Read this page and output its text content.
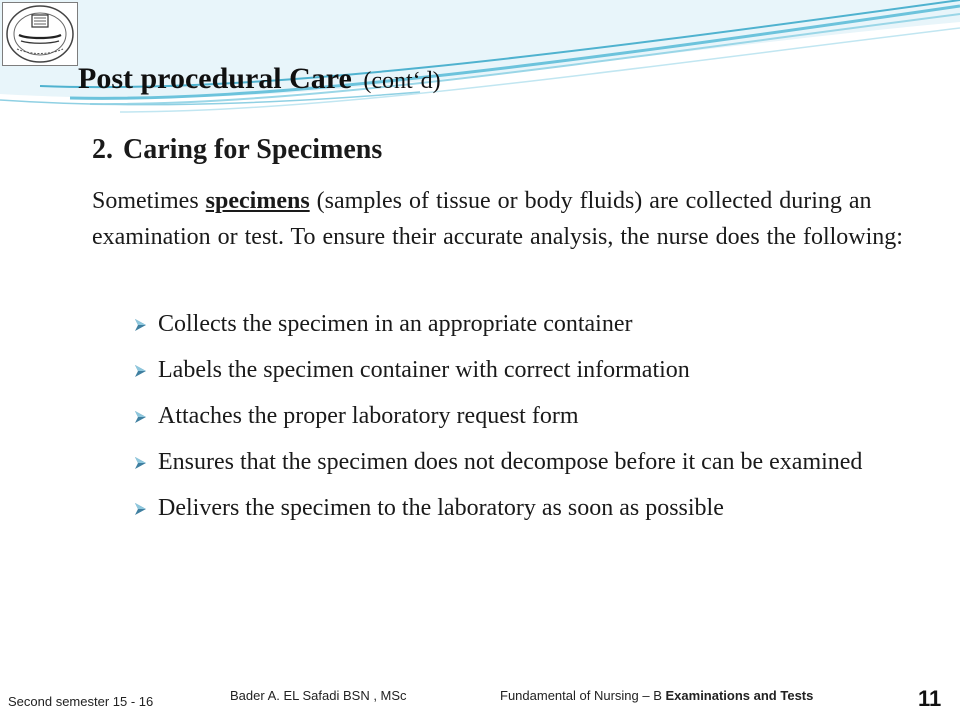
Post procedural Care (cont‘d)
2. Caring for Specimens

Sometimes specimens (samples of tissue or body fluids) are collected during an examination or test. To ensure their accurate analysis, the nurse does the following:

Collects the specimen in an appropriate container
Labels the specimen container with correct information
Attaches the proper laboratory request form
Ensures that the specimen does not decompose before it can be examined
Delivers the specimen to the laboratory as soon as possible
Second semester 15 - 16	Bader A. EL Safadi BSN , MSc	Fundamental of Nursing – B Examinations and Tests	11
